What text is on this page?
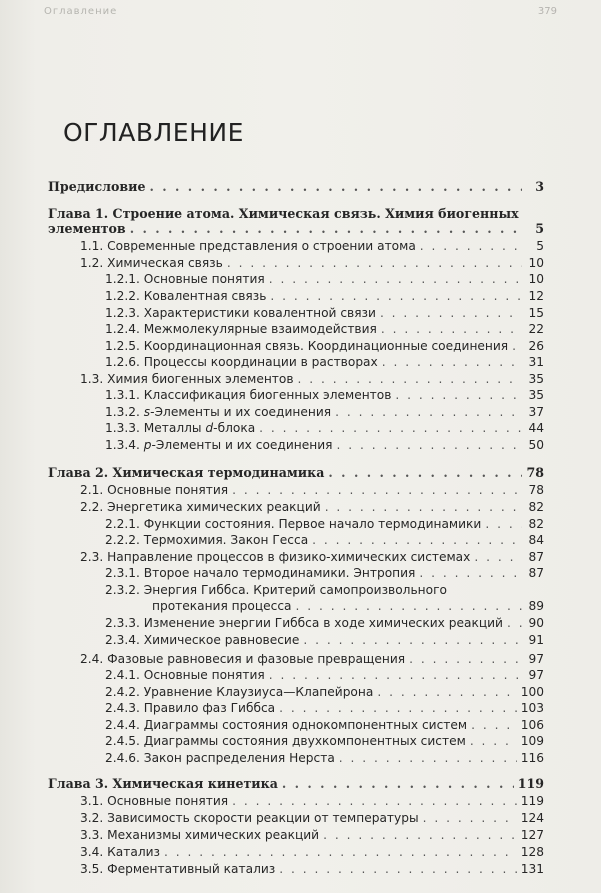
Оглавление	379
ОГЛАВЛЕНИЕ
Предисловие . . .	3
Глава 1. Строение атома. Химическая связь. Химия биогенных
элементов . . .	5
1.1. Современные представления о строении атома . . .	5
1.2. Химическая связь . . .	10
1.2.1. Основные понятия . . .	10
1.2.2. Ковалентная связь . . .	12
1.2.3. Характеристики ковалентной связи . . .	15
1.2.4. Межмолекулярные взаимодействия . . .	22
1.2.5. Координационная связь. Координационные соединения . . . 26
1.2.6. Процессы координации в растворах . . .	31
1.3. Химия биогенных элементов . . .	35
1.3.1. Классификация биогенных элементов . . .	35
1.3.2. s-Элементы и их соединения . . .	37
1.3.3. Металлы d-блока . . .	44
1.3.4. p-Элементы и их соединения . . .	50
Глава 2. Химическая термодинамика . . .	78
2.1. Основные понятия . . .	78
2.2. Энергетика химических реакций . . .	82
2.2.1. Функции состояния. Первое начало термодинамики . . .	82
2.2.2. Термохимия. Закон Гесса . . .	84
2.3. Направление процессов в физико-химических системах . . .	87
2.3.1. Второе начало термодинамики. Энтропия . . .	87
2.3.2. Энергия Гиббса. Критерий самопроизвольного
протекания процесса . . .	89
2.3.3. Изменение энергии Гиббса в ходе химических реакций . . . 90
2.3.4. Химическое равновесие . . .	91
2.4. Фазовые равновесия и фазовые превращения . . .	97
2.4.1. Основные понятия . . .	97
2.4.2. Уравнение Клаузиуса—Клапейрона . . .	100
2.4.3. Правило фаз Гиббса . . .	103
2.4.4. Диаграммы состояния однокомпонентных систем . . .	106
2.4.5. Диаграммы состояния двухкомпонентных систем . . .	109
2.4.6. Закон распределения Нерста . . .	116
Глава 3. Химическая кинетика . . .	119
3.1. Основные понятия . . .	119
3.2. Зависимость скорости реакции от температуры . . .	124
3.3. Механизмы химических реакций . . .	127
3.4. Катализ . . .	128
3.5. Ферментативный катализ . . .	131
